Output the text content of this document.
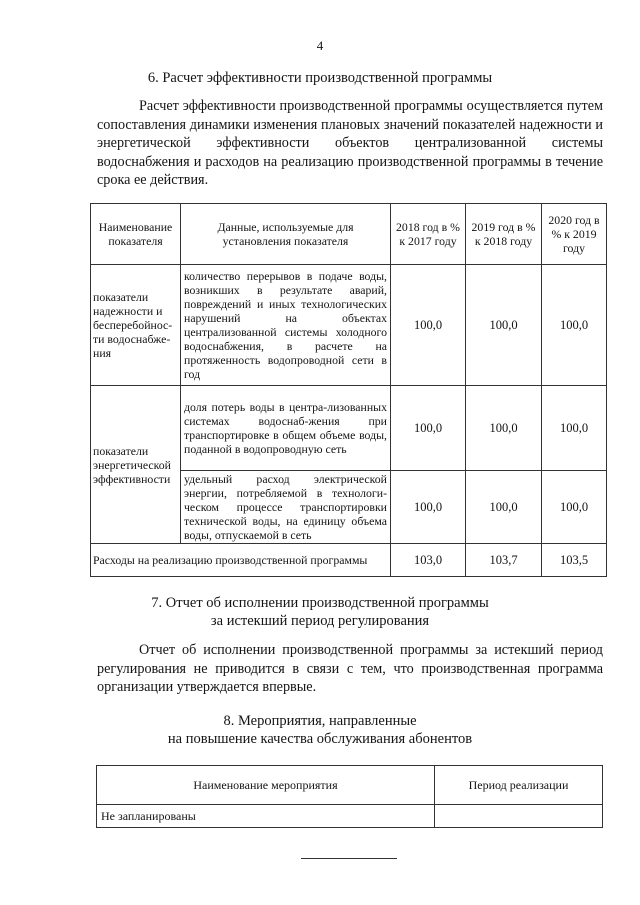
4
6. Расчет эффективности производственной программы

Расчет эффективности производственной программы осуществляется путем сопоставления динамики изменения плановых значений показателей надежности и энергетической эффективности объектов централизованной системы водоснабжения и расходов на реализацию производственной программы в течение срока ее действия.

Наименование показателя	Данные, используемые для установления показателя	2018 год в % к 2017 году	2019 год в % к 2018 году	2020 год в % к 2019 году
показатели надежности и бесперебойнос-ти водоснабже-ния	количество перерывов в подаче воды, возникших в результате аварий, повреждений и иных технологических нарушений на объектах централизованной системы холодного водоснабжения, в расчете на протяженность водопроводной сети в год	100,0	100,0	100,0
показатели энергетической эффективности	доля потерь воды в центра-лизованных системах водоснаб-жения при транспортировке в общем объеме воды, поданной в водопроводную сеть	100,0	100,0	100,0
	удельный расход электрической энергии, потребляемой в технологи-ческом процессе транспортировки технической воды, на единицу объема воды, отпускаемой в сеть	100,0	100,0	100,0
Расходы на реализацию производственной программы		103,0	103,7	103,5
7. Отчет об исполнении производственной программы
за истекший период регулирования

Отчет об исполнении производственной программы за истекший период регулирования не приводится в связи с тем, что производственная программа организации утверждается впервые.

8. Мероприятия, направленные
на повышение качества обслуживания абонентов
Наименование мероприятия	Период реализации
Не запланированы	
